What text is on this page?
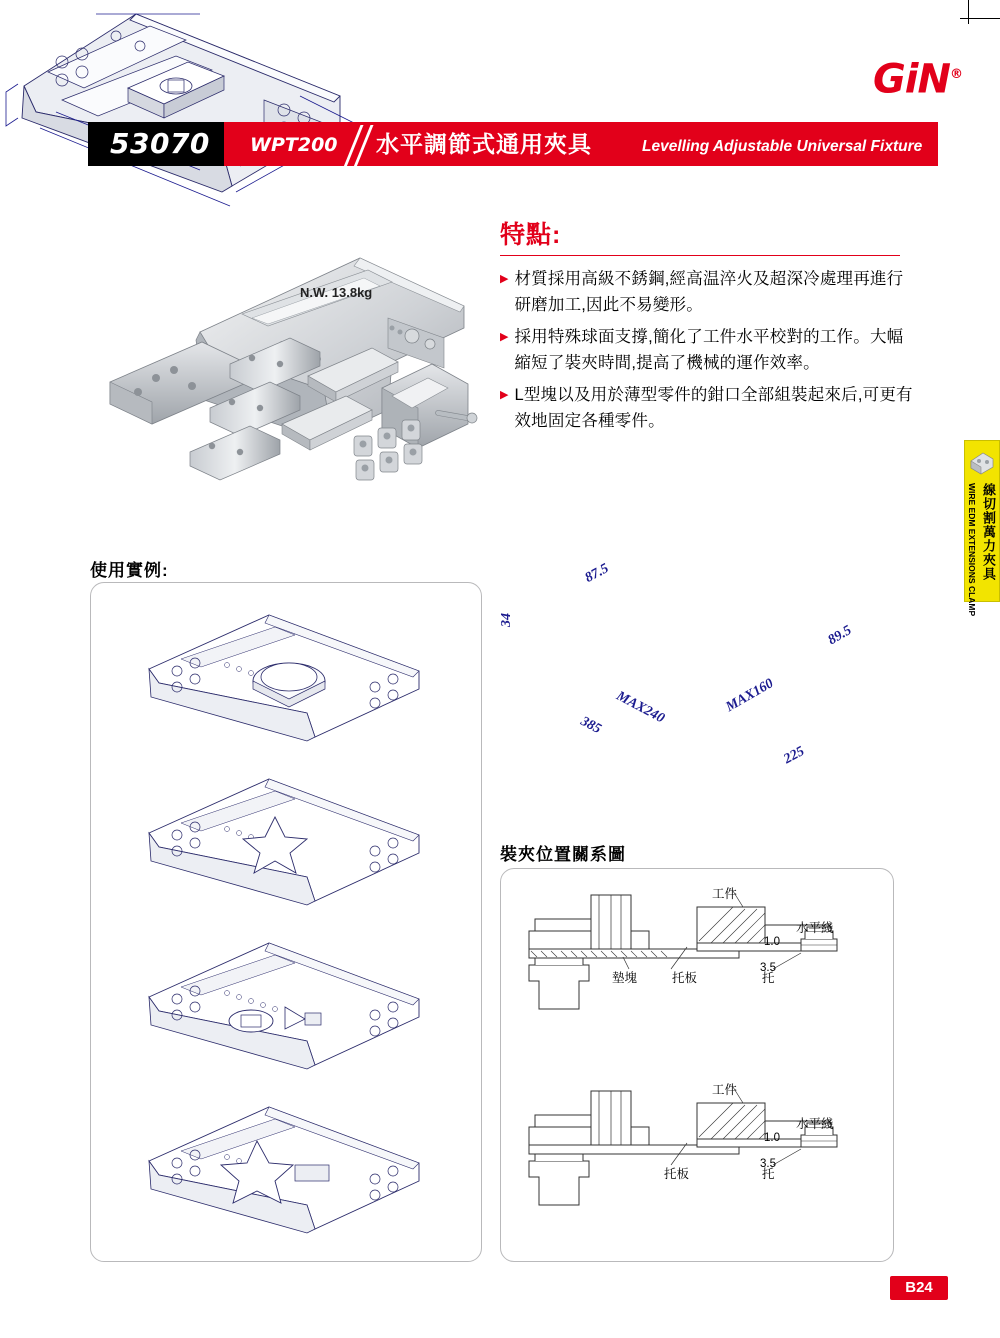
GiN®
53070 WPT200 水平調節式通用夾具	Levelling Adjustable Universal Fixture
N.W. 13.8kg
特點:
▶ 材質採用高級不銹鋼,經高温淬火及超深冷處理再進行研磨加工,因此不易變形。
▶ 採用特殊球面支撐,簡化了工件水平校對的工作。大幅縮短了裝夾時間,提高了機械的運作效率。
▶ L型塊以及用於薄型零件的鉗口全部組裝起來后,可更有效地固定各種零件。
WIRE EDM EXTENSIONS CLAMP 線切割萬力夾具
使用實例:
34
87.5
89.5
MAX160
MAX240
385
225
裝夾位置關系圖
工件
水平綫
1.0
3.5
墊塊	托板	托
工件
水平綫
1.0
3.5
托板	托
B24
